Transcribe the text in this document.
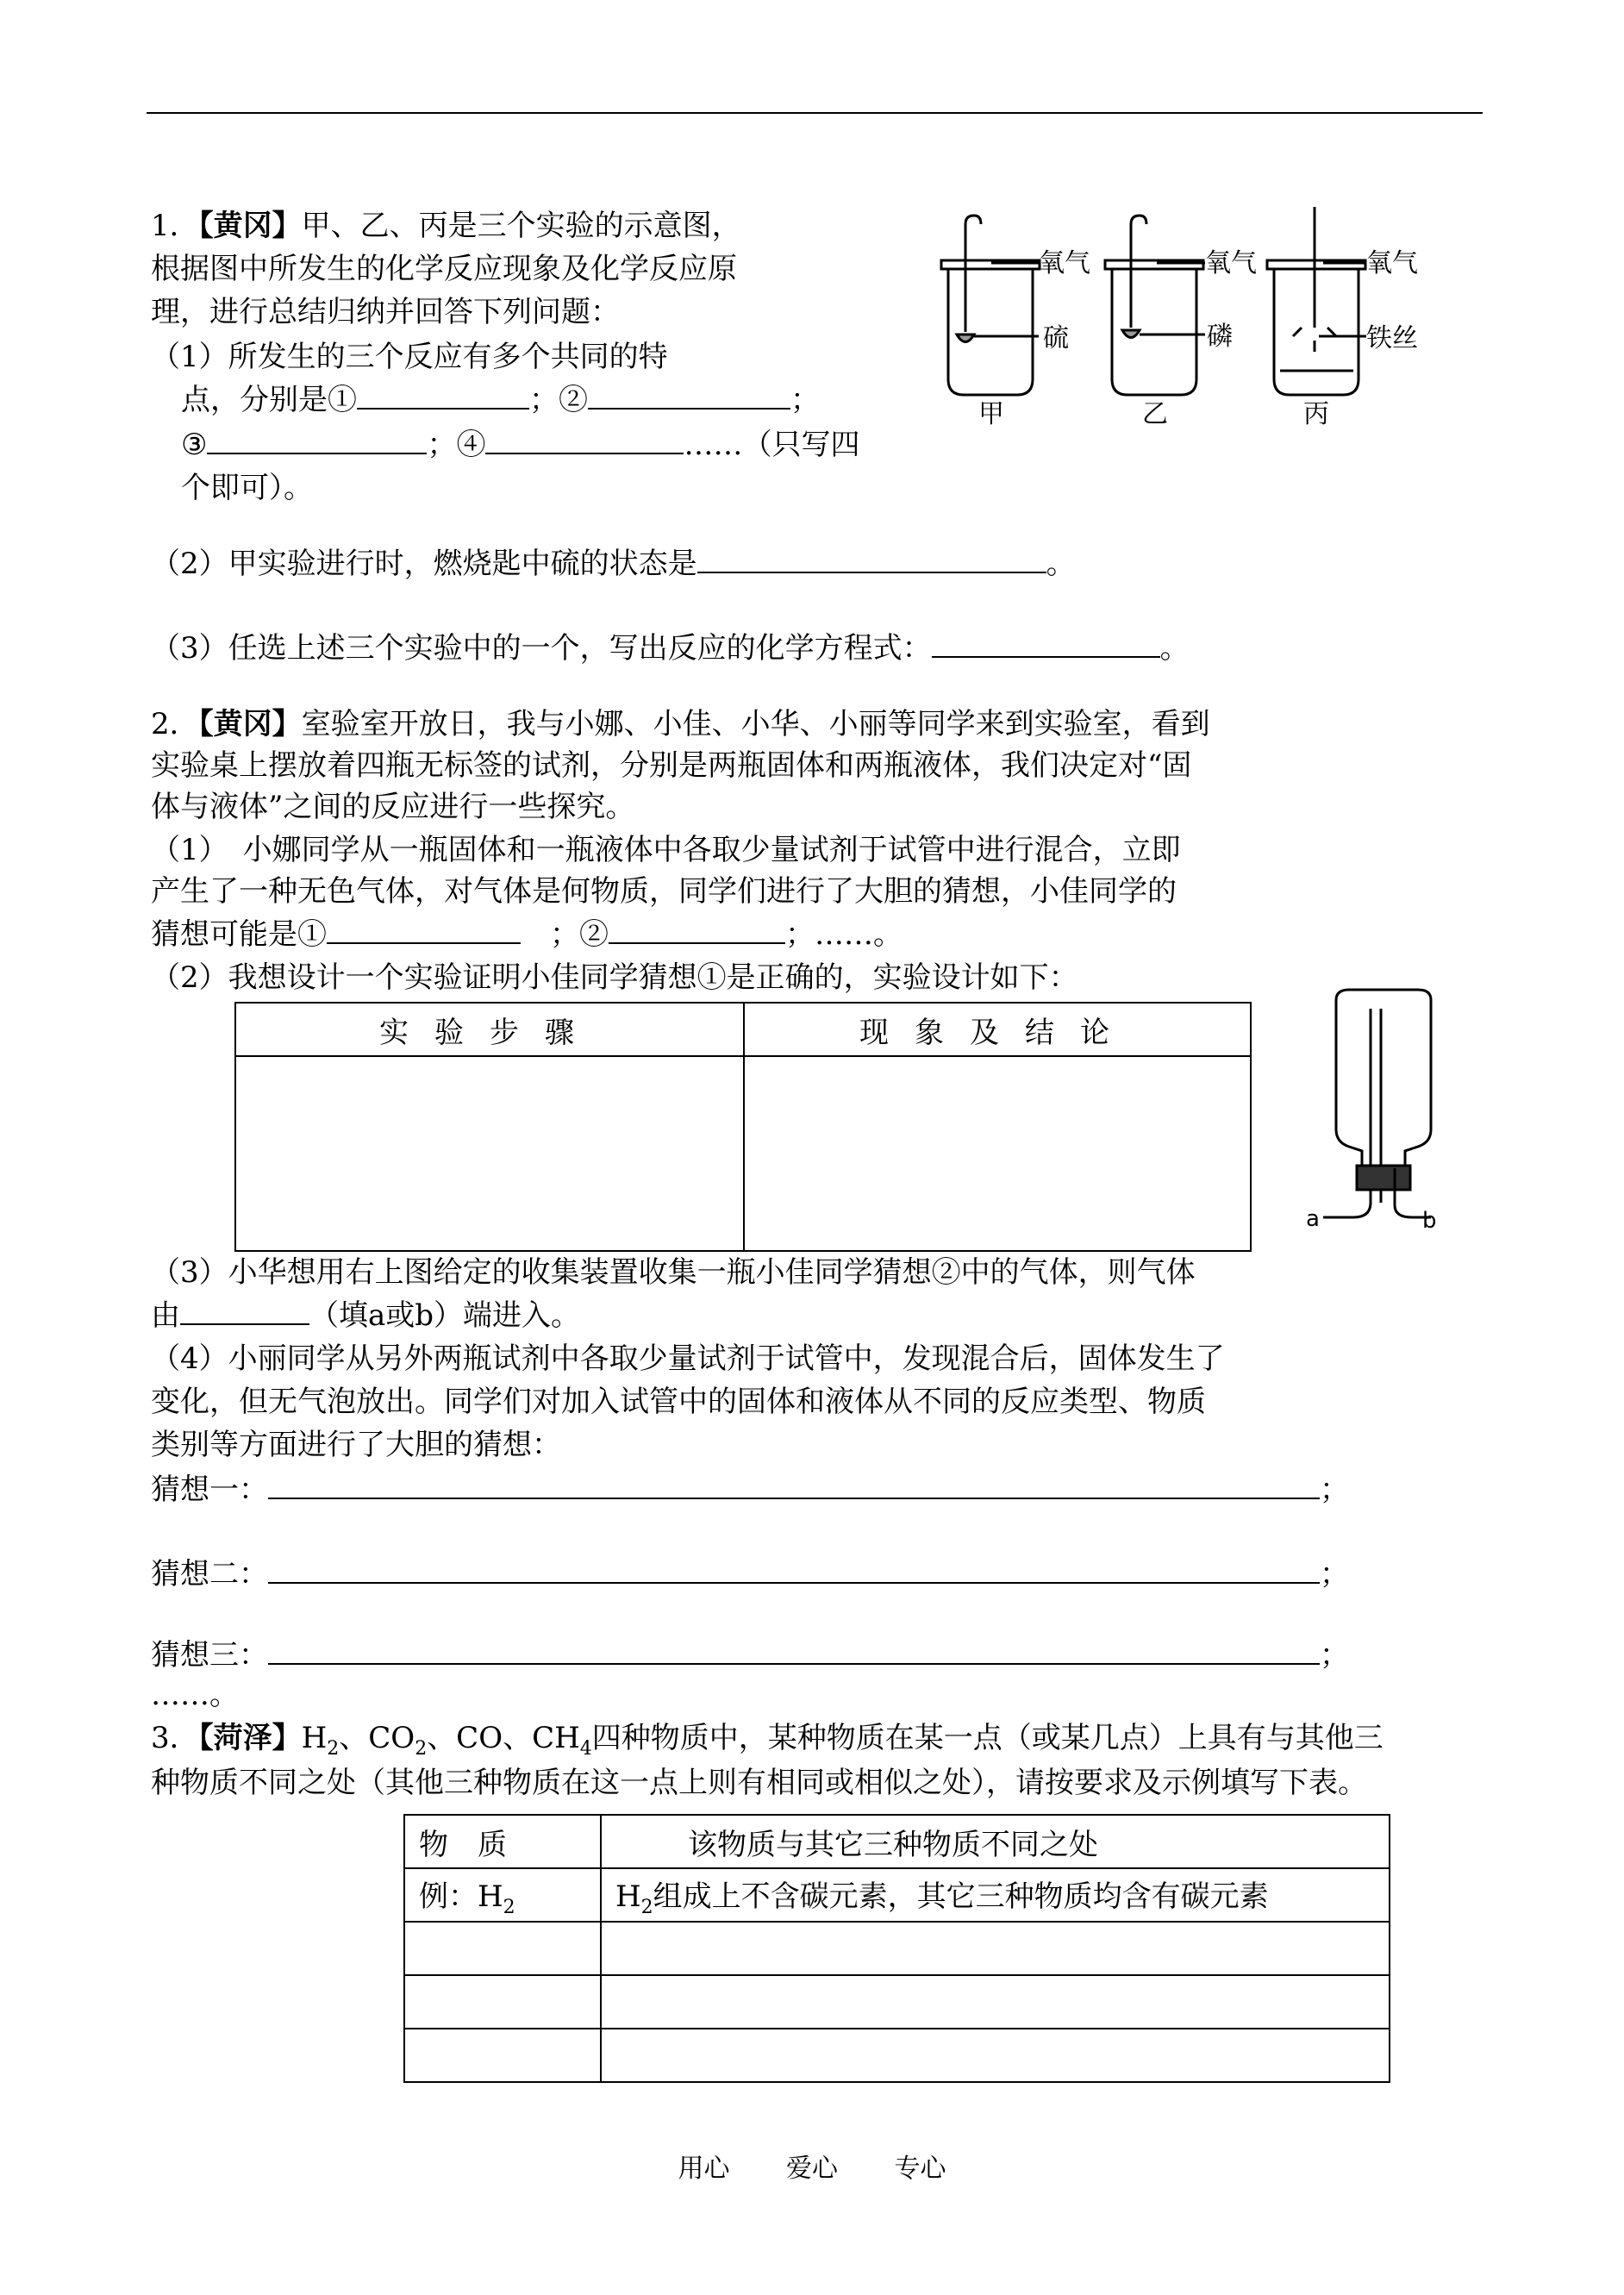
1．【黄冈】甲、乙、丙是三个实验的示意图，
根据图中所发生的化学反应现象及化学反应原
理，进行总结归纳并回答下列问题：
（1）所发生的三个反应有多个共同的特
点，分别是①	；②	；
③	；④	……（只写四
个即可）。
（2）甲实验进行时，燃烧匙中硫的状态是	。
（3）任选上述三个实验中的一个，写出反应的化学方程式：	。
氧气
硫
甲
氧气
磷
乙
氧气
铁丝
丙
2．【黄冈】室验室开放日，我与小娜、小佳、小华、小丽等同学来到实验室，看到
实验桌上摆放着四瓶无标签的试剂，分别是两瓶固体和两瓶液体，我们决定对“固
体与液体”之间的反应进行一些探究。
（1）　小娜同学从一瓶固体和一瓶液体中各取少量试剂于试管中进行混合，立即
产生了一种无色气体，对气体是何物质，同学们进行了大胆的猜想，小佳同学的
猜想可能是①	　；②	；……。
（2）我想设计一个实验证明小佳同学猜想①是正确的，实验设计如下：
实验步骤	现象及结论

a	b
（3）小华想用右上图给定的收集装置收集一瓶小佳同学猜想②中的气体，则气体
由	（填a或b）端进入。
（4）小丽同学从另外两瓶试剂中各取少量试剂于试管中，发现混合后，固体发生了
变化，但无气泡放出。同学们对加入试管中的固体和液体从不同的反应类型、物质
类别等方面进行了大胆的猜想：
猜想一：	；
猜想二：	；
猜想三：	；
……。
3．【菏泽】$H_2$、$CO_2$、CO、$CH_4$四种物质中，某种物质在某一点（或某几点）上具有与其他三
种物质不同之处（其他三种物质在这一点上则有相同或相似之处），请按要求及示例填写下表。
物　质	该物质与其它三种物质不同之处
例：$H_2$	$H_2$组成上不含碳元素，其它三种物质均含有碳元素

用心 爱心 专心
